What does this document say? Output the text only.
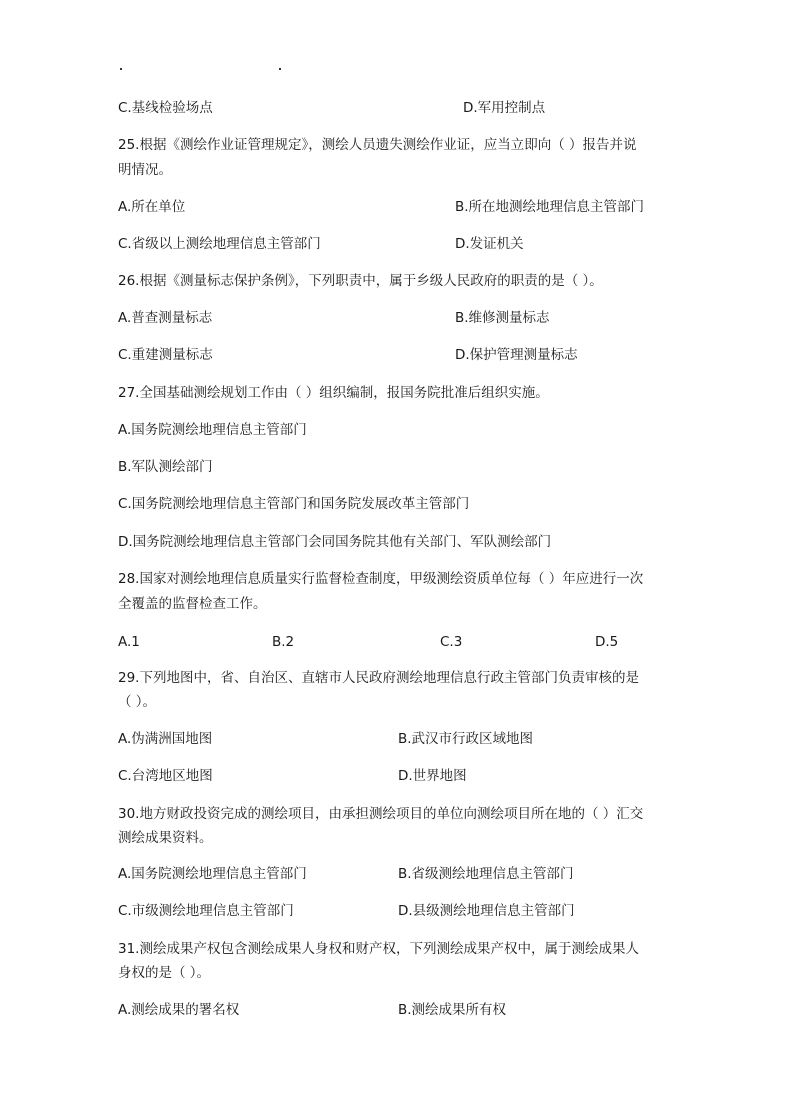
C.基线检验场点	D.军用控制点
25.根据《测绘作业证管理规定》，测绘人员遗失测绘作业证，应当立即向（ ）报告并说
明情况。
A.所在单位	B.所在地测绘地理信息主管部门
C.省级以上测绘地理信息主管部门	D.发证机关
26.根据《测量标志保护条例》，下列职责中，属于乡级人民政府的职责的是（ ）。
A.普查测量标志	B.维修测量标志
C.重建测量标志	D.保护管理测量标志
27.全国基础测绘规划工作由（ ）组织编制，报国务院批准后组织实施。
A.国务院测绘地理信息主管部门
B.军队测绘部门
C.国务院测绘地理信息主管部门和国务院发展改革主管部门
D.国务院测绘地理信息主管部门会同国务院其他有关部门、军队测绘部门
28.国家对测绘地理信息质量实行监督检查制度，甲级测绘资质单位每（ ）年应进行一次
全覆盖的监督检查工作。
A.1	B.2	C.3	D.5
29.下列地图中，省、自治区、直辖市人民政府测绘地理信息行政主管部门负责审核的是
（ ）。
A.伪满洲国地图	B.武汉市行政区域地图
C.台湾地区地图	D.世界地图
30.地方财政投资完成的测绘项目，由承担测绘项目的单位向测绘项目所在地的（ ）汇交
测绘成果资料。
A.国务院测绘地理信息主管部门	B.省级测绘地理信息主管部门
C.市级测绘地理信息主管部门	D.县级测绘地理信息主管部门
31.测绘成果产权包含测绘成果人身权和财产权，下列测绘成果产权中，属于测绘成果人
身权的是（ ）。
A.测绘成果的署名权	B.测绘成果所有权
